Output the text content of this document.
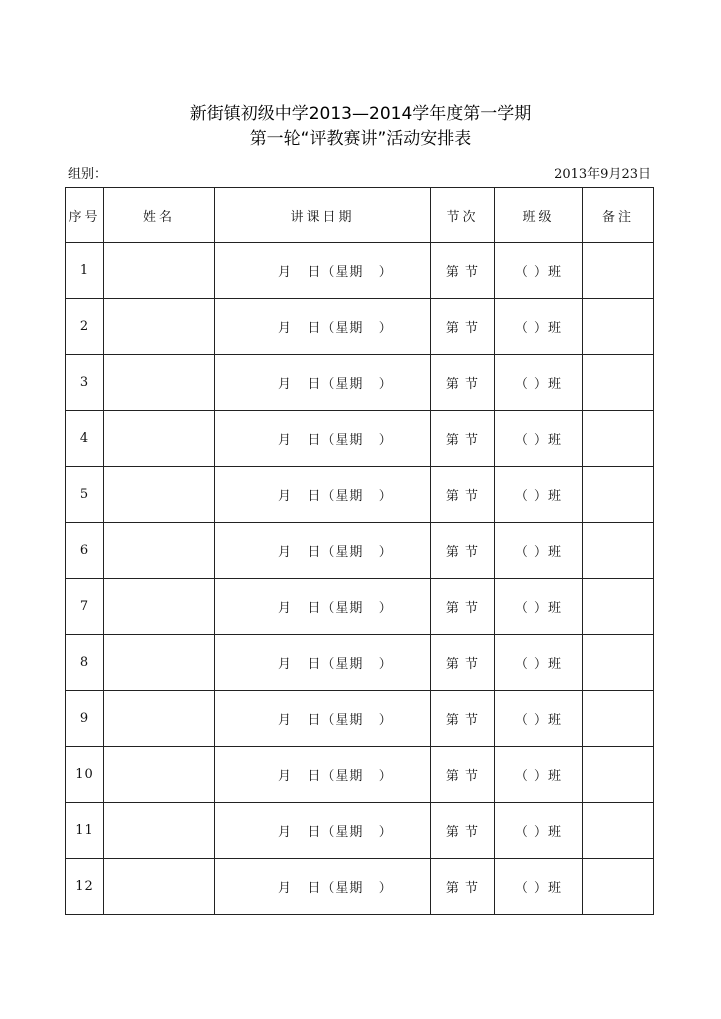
新街镇初级中学2013—2014学年度第一学期
第一轮“评教赛讲”活动安排表
组别：	2013年9月23日
序号	姓名	讲课日期	节次	班级	备注
1		月   日（星期   ）	第 节	（ ）班	
2		月   日（星期   ）	第 节	（ ）班	
3		月   日（星期   ）	第 节	（ ）班	
4		月   日（星期   ）	第 节	（ ）班	
5		月   日（星期   ）	第 节	（ ）班	
6		月   日（星期   ）	第 节	（ ）班	
7		月   日（星期   ）	第 节	（ ）班	
8		月   日（星期   ）	第 节	（ ）班	
9		月   日（星期   ）	第 节	（ ）班	
10		月   日（星期   ）	第 节	（ ）班	
11		月   日（星期   ）	第 节	（ ）班	
12		月   日（星期   ）	第 节	（ ）班	
